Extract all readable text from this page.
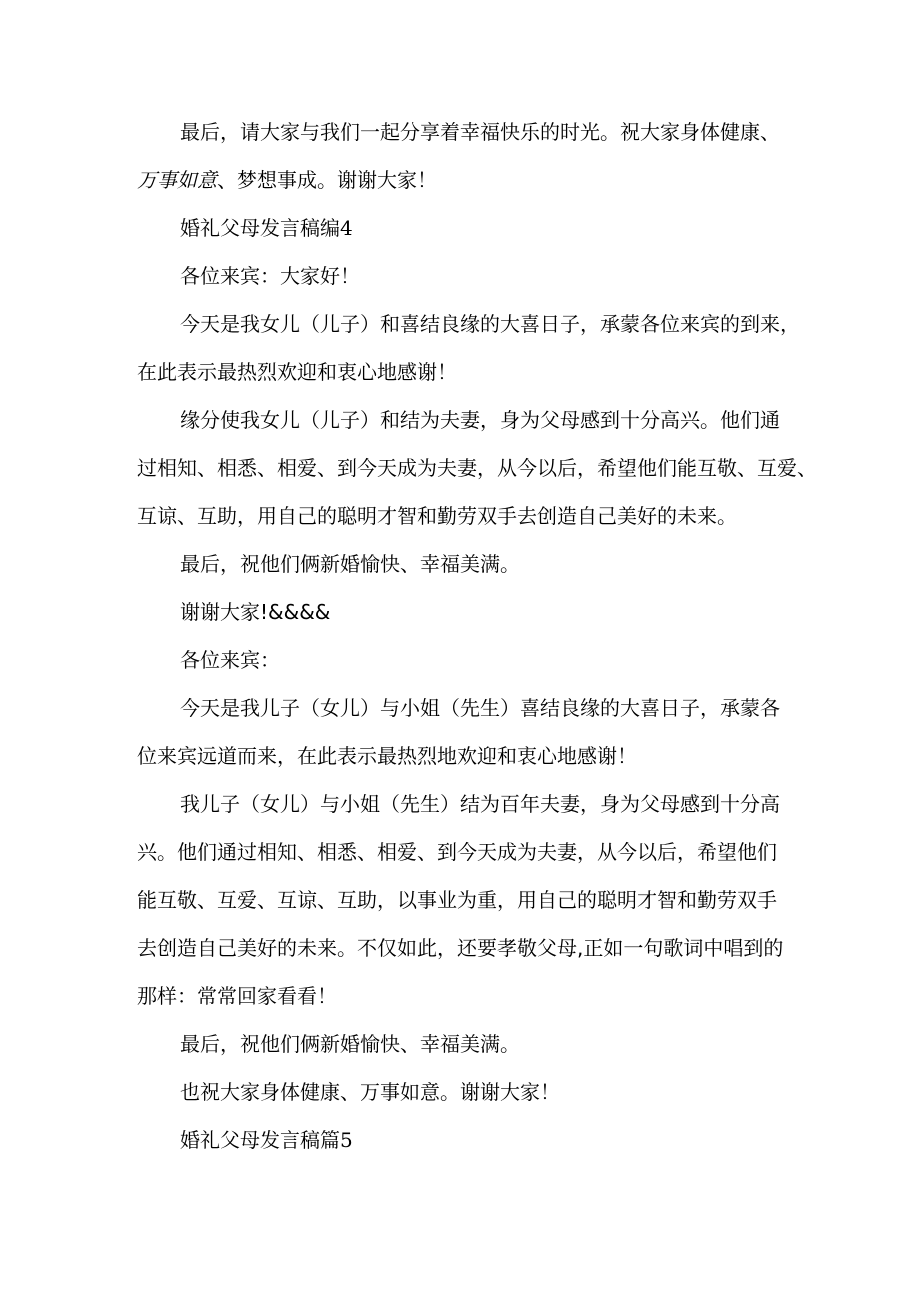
最后，请大家与我们一起分享着幸福快乐的时光。祝大家身体健康、
万事如意、梦想事成。谢谢大家！
婚礼父母发言稿编4
各位来宾：大家好！
今天是我女儿（儿子）和喜结良缘的大喜日子，承蒙各位来宾的到来，
在此表示最热烈欢迎和衷心地感谢！
缘分使我女儿（儿子）和结为夫妻，身为父母感到十分高兴。他们通
过相知、相悉、相爱、到今天成为夫妻，从今以后，希望他们能互敬、互爱、
互谅、互助，用自己的聪明才智和勤劳双手去创造自己美好的未来。
最后，祝他们俩新婚愉快、幸福美满。
谢谢大家!&&&&
各位来宾：
今天是我儿子（女儿）与小姐（先生）喜结良缘的大喜日子，承蒙各
位来宾远道而来，在此表示最热烈地欢迎和衷心地感谢！
我儿子（女儿）与小姐（先生）结为百年夫妻，身为父母感到十分高
兴。他们通过相知、相悉、相爱、到今天成为夫妻，从今以后，希望他们
能互敬、互爱、互谅、互助，以事业为重，用自己的聪明才智和勤劳双手
去创造自己美好的未来。不仅如此，还要孝敬父母,正如一句歌词中唱到的
那样：常常回家看看！
最后，祝他们俩新婚愉快、幸福美满。
也祝大家身体健康、万事如意。谢谢大家！
婚礼父母发言稿篇5
